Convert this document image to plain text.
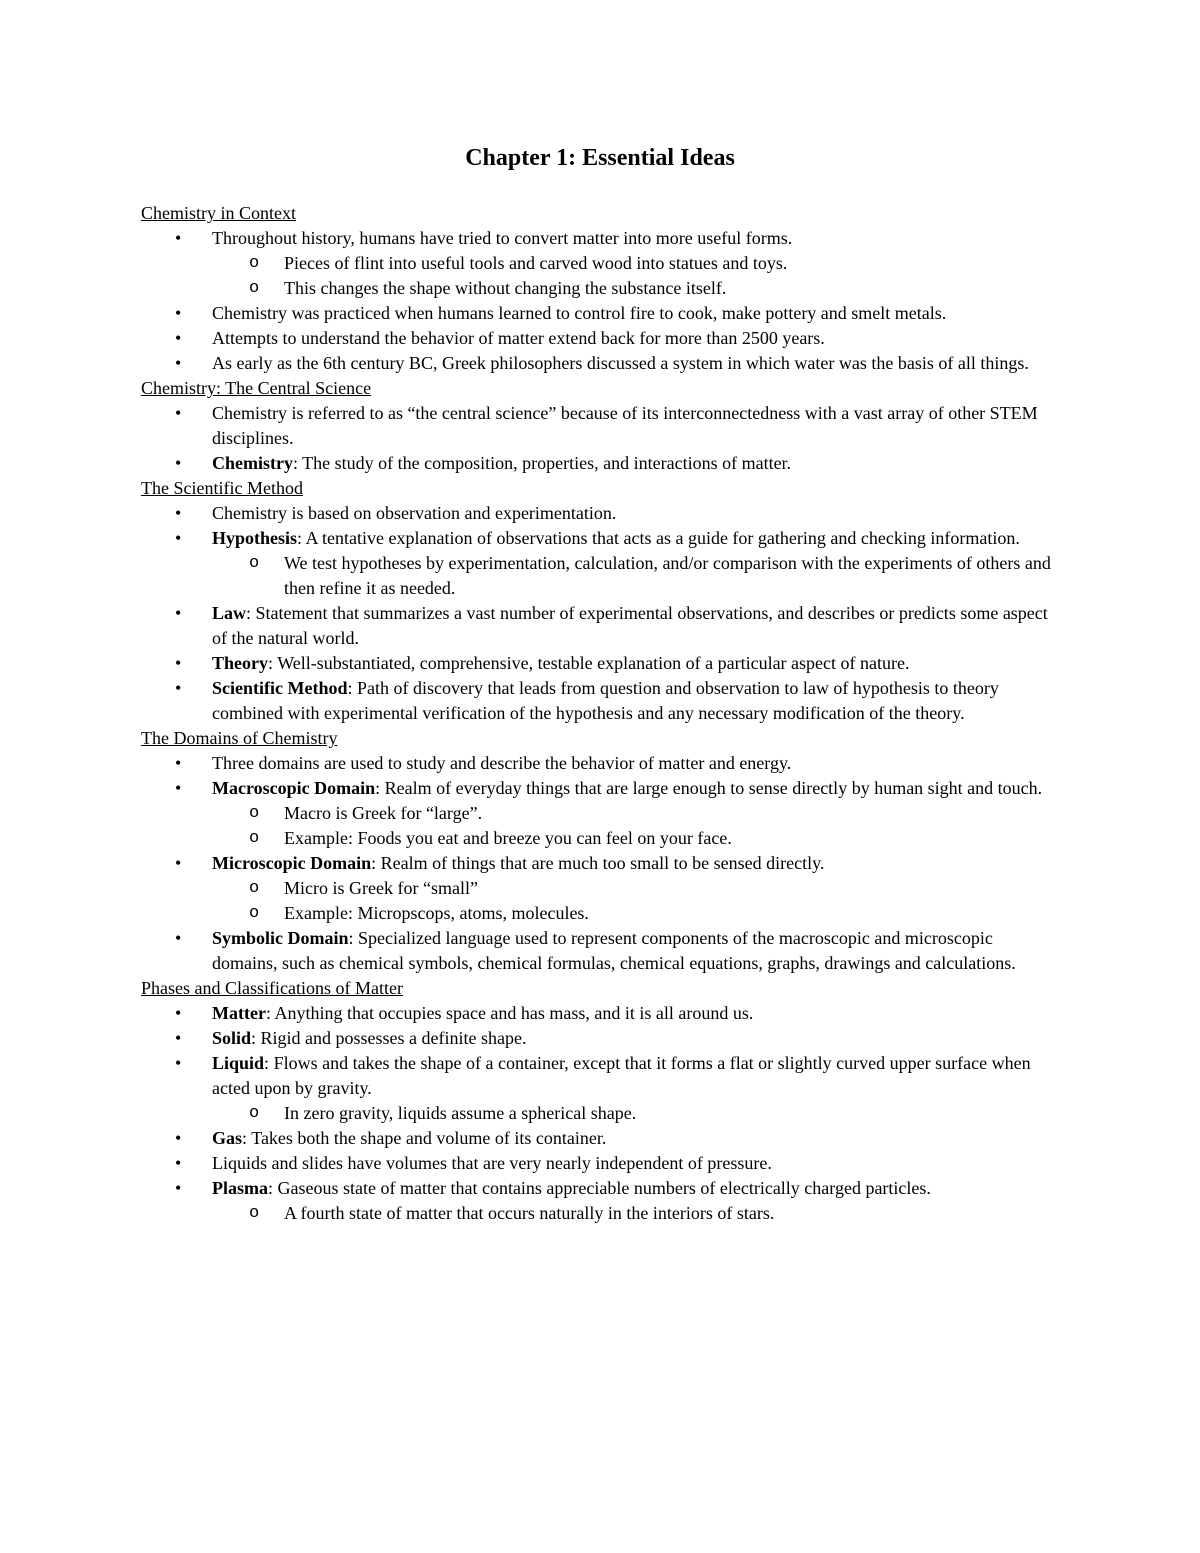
Chapter 1: Essential Ideas
Chemistry in Context
• Throughout history, humans have tried to convert matter into more useful forms.
o Pieces of flint into useful tools and carved wood into statues and toys.
o This changes the shape without changing the substance itself.
• Chemistry was practiced when humans learned to control fire to cook, make pottery and smelt metals.
• Attempts to understand the behavior of matter extend back for more than 2500 years.
• As early as the 6th century BC, Greek philosophers discussed a system in which water was the basis of all things.
Chemistry: The Central Science
• Chemistry is referred to as “the central science” because of its interconnectedness with a vast array of other STEM disciplines.
• Chemistry: The study of the composition, properties, and interactions of matter.
The Scientific Method
• Chemistry is based on observation and experimentation.
• Hypothesis: A tentative explanation of observations that acts as a guide for gathering and checking information.
o We test hypotheses by experimentation, calculation, and/or comparison with the experiments of others and then refine it as needed.
• Law: Statement that summarizes a vast number of experimental observations, and describes or predicts some aspect of the natural world.
• Theory: Well-substantiated, comprehensive, testable explanation of a particular aspect of nature.
• Scientific Method: Path of discovery that leads from question and observation to law of hypothesis to theory combined with experimental verification of the hypothesis and any necessary modification of the theory.
The Domains of Chemistry
• Three domains are used to study and describe the behavior of matter and energy.
• Macroscopic Domain: Realm of everyday things that are large enough to sense directly by human sight and touch.
o Macro is Greek for “large”.
o Example: Foods you eat and breeze you can feel on your face.
• Microscopic Domain: Realm of things that are much too small to be sensed directly.
o Micro is Greek for “small”
o Example: Micropscops, atoms, molecules.
• Symbolic Domain: Specialized language used to represent components of the macroscopic and microscopic domains, such as chemical symbols, chemical formulas, chemical equations, graphs, drawings and calculations.
Phases and Classifications of Matter
• Matter: Anything that occupies space and has mass, and it is all around us.
• Solid: Rigid and possesses a definite shape.
• Liquid: Flows and takes the shape of a container, except that it forms a flat or slightly curved upper surface when acted upon by gravity.
o In zero gravity, liquids assume a spherical shape.
• Gas: Takes both the shape and volume of its container.
• Liquids and slides have volumes that are very nearly independent of pressure.
• Plasma: Gaseous state of matter that contains appreciable numbers of electrically charged particles.
o A fourth state of matter that occurs naturally in the interiors of stars.
